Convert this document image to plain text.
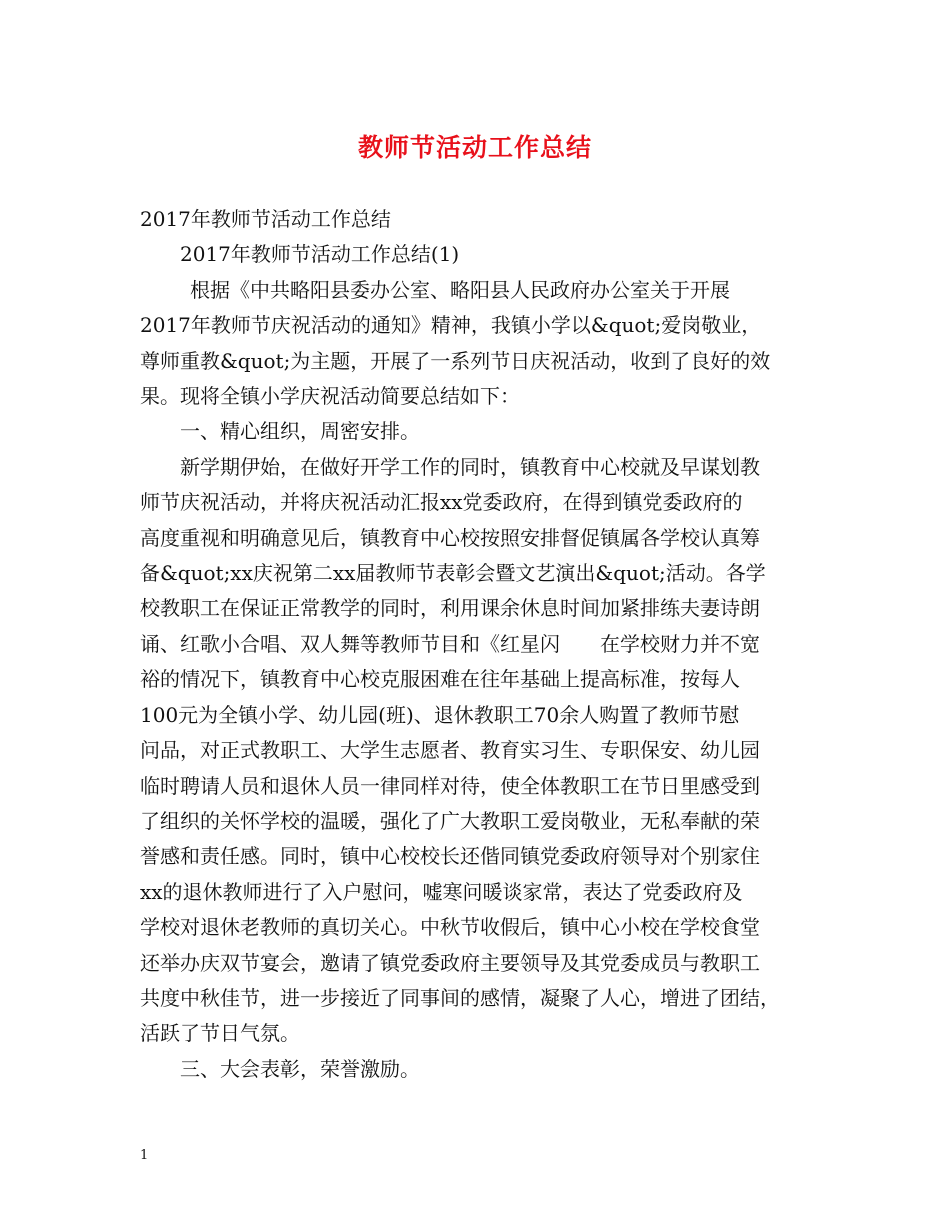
教师节活动工作总结

2017年教师节活动工作总结

2017年教师节活动工作总结(1)

根据《中共略阳县委办公室、略阳县人民政府办公室关于开展
2017年教师节庆祝活动的通知》精神，我镇小学以&quot;爱岗敬业，
尊师重教&quot;为主题，开展了一系列节日庆祝活动，收到了良好的效
果。现将全镇小学庆祝活动简要总结如下：

一、精心组织，周密安排。

新学期伊始，在做好开学工作的同时，镇教育中心校就及早谋划教
师节庆祝活动，并将庆祝活动汇报xx党委政府，在得到镇党委政府的
高度重视和明确意见后，镇教育中心校按照安排督促镇属各学校认真筹
备&quot;xx庆祝第二xx届教师节表彰会暨文艺演出&quot;活动。各学
校教职工在保证正常教学的同时，利用课余休息时间加紧排练夫妻诗朗
诵、红歌小合唱、双人舞等教师节目和《红星闪 在学校财力并不宽
裕的情况下，镇教育中心校克服困难在往年基础上提高标准，按每人
100元为全镇小学、幼儿园(班)、退休教职工70余人购置了教师节慰
问品，对正式教职工、大学生志愿者、教育实习生、专职保安、幼儿园
临时聘请人员和退休人员一律同样对待，使全体教职工在节日里感受到
了组织的关怀学校的温暖，强化了广大教职工爱岗敬业，无私奉献的荣
誉感和责任感。同时，镇中心校校长还偕同镇党委政府领导对个别家住
xx的退休教师进行了入户慰问，嘘寒问暖谈家常，表达了党委政府及
学校对退休老教师的真切关心。中秋节收假后，镇中心小校在学校食堂
还举办庆双节宴会，邀请了镇党委政府主要领导及其党委成员与教职工
共度中秋佳节，进一步接近了同事间的感情，凝聚了人心，增进了团结，
活跃了节日气氛。

三、大会表彰，荣誉激励。

1
